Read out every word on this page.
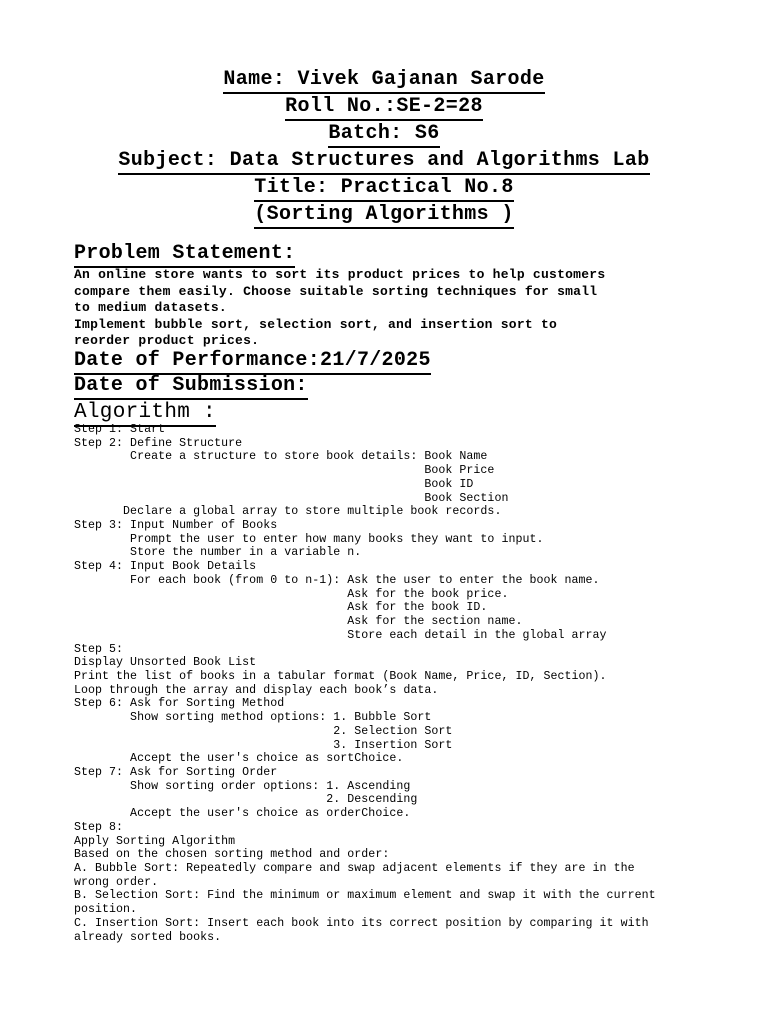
Name: Vivek Gajanan Sarode
Roll No.:SE-2=28
Batch: S6
Subject: Data Structures and Algorithms Lab
Title: Practical No.8
(Sorting Algorithms )
Problem Statement:
An online store wants to sort its product prices to help customers
compare them easily. Choose suitable sorting techniques for small
to medium datasets.
Implement bubble sort, selection sort, and insertion sort to
reorder product prices.
Date of Performance:21/7/2025
Date of Submission:
Algorithm :
Step 1: Start
Step 2: Define Structure
Create a structure to store book details: Book Name
Book Price
Book ID
Book Section
Declare a global array to store multiple book records.
Step 3: Input Number of Books
Prompt the user to enter how many books they want to input.
Store the number in a variable n.
Step 4: Input Book Details
For each book (from 0 to n-1): Ask the user to enter the book name.
Ask for the book price.
Ask for the book ID.
Ask for the section name.
Store each detail in the global array
Step 5:
Display Unsorted Book List
Print the list of books in a tabular format (Book Name, Price, ID, Section).
Loop through the array and display each book’s data.
Step 6: Ask for Sorting Method
Show sorting method options: 1. Bubble Sort
2. Selection Sort
3. Insertion Sort
Accept the user's choice as sortChoice.
Step 7: Ask for Sorting Order
Show sorting order options: 1. Ascending
2. Descending
Accept the user's choice as orderChoice.
Step 8:
Apply Sorting Algorithm
Based on the chosen sorting method and order:
A. Bubble Sort: Repeatedly compare and swap adjacent elements if they are in the
wrong order.
B. Selection Sort: Find the minimum or maximum element and swap it with the current
position.
C. Insertion Sort: Insert each book into its correct position by comparing it with
already sorted books.
